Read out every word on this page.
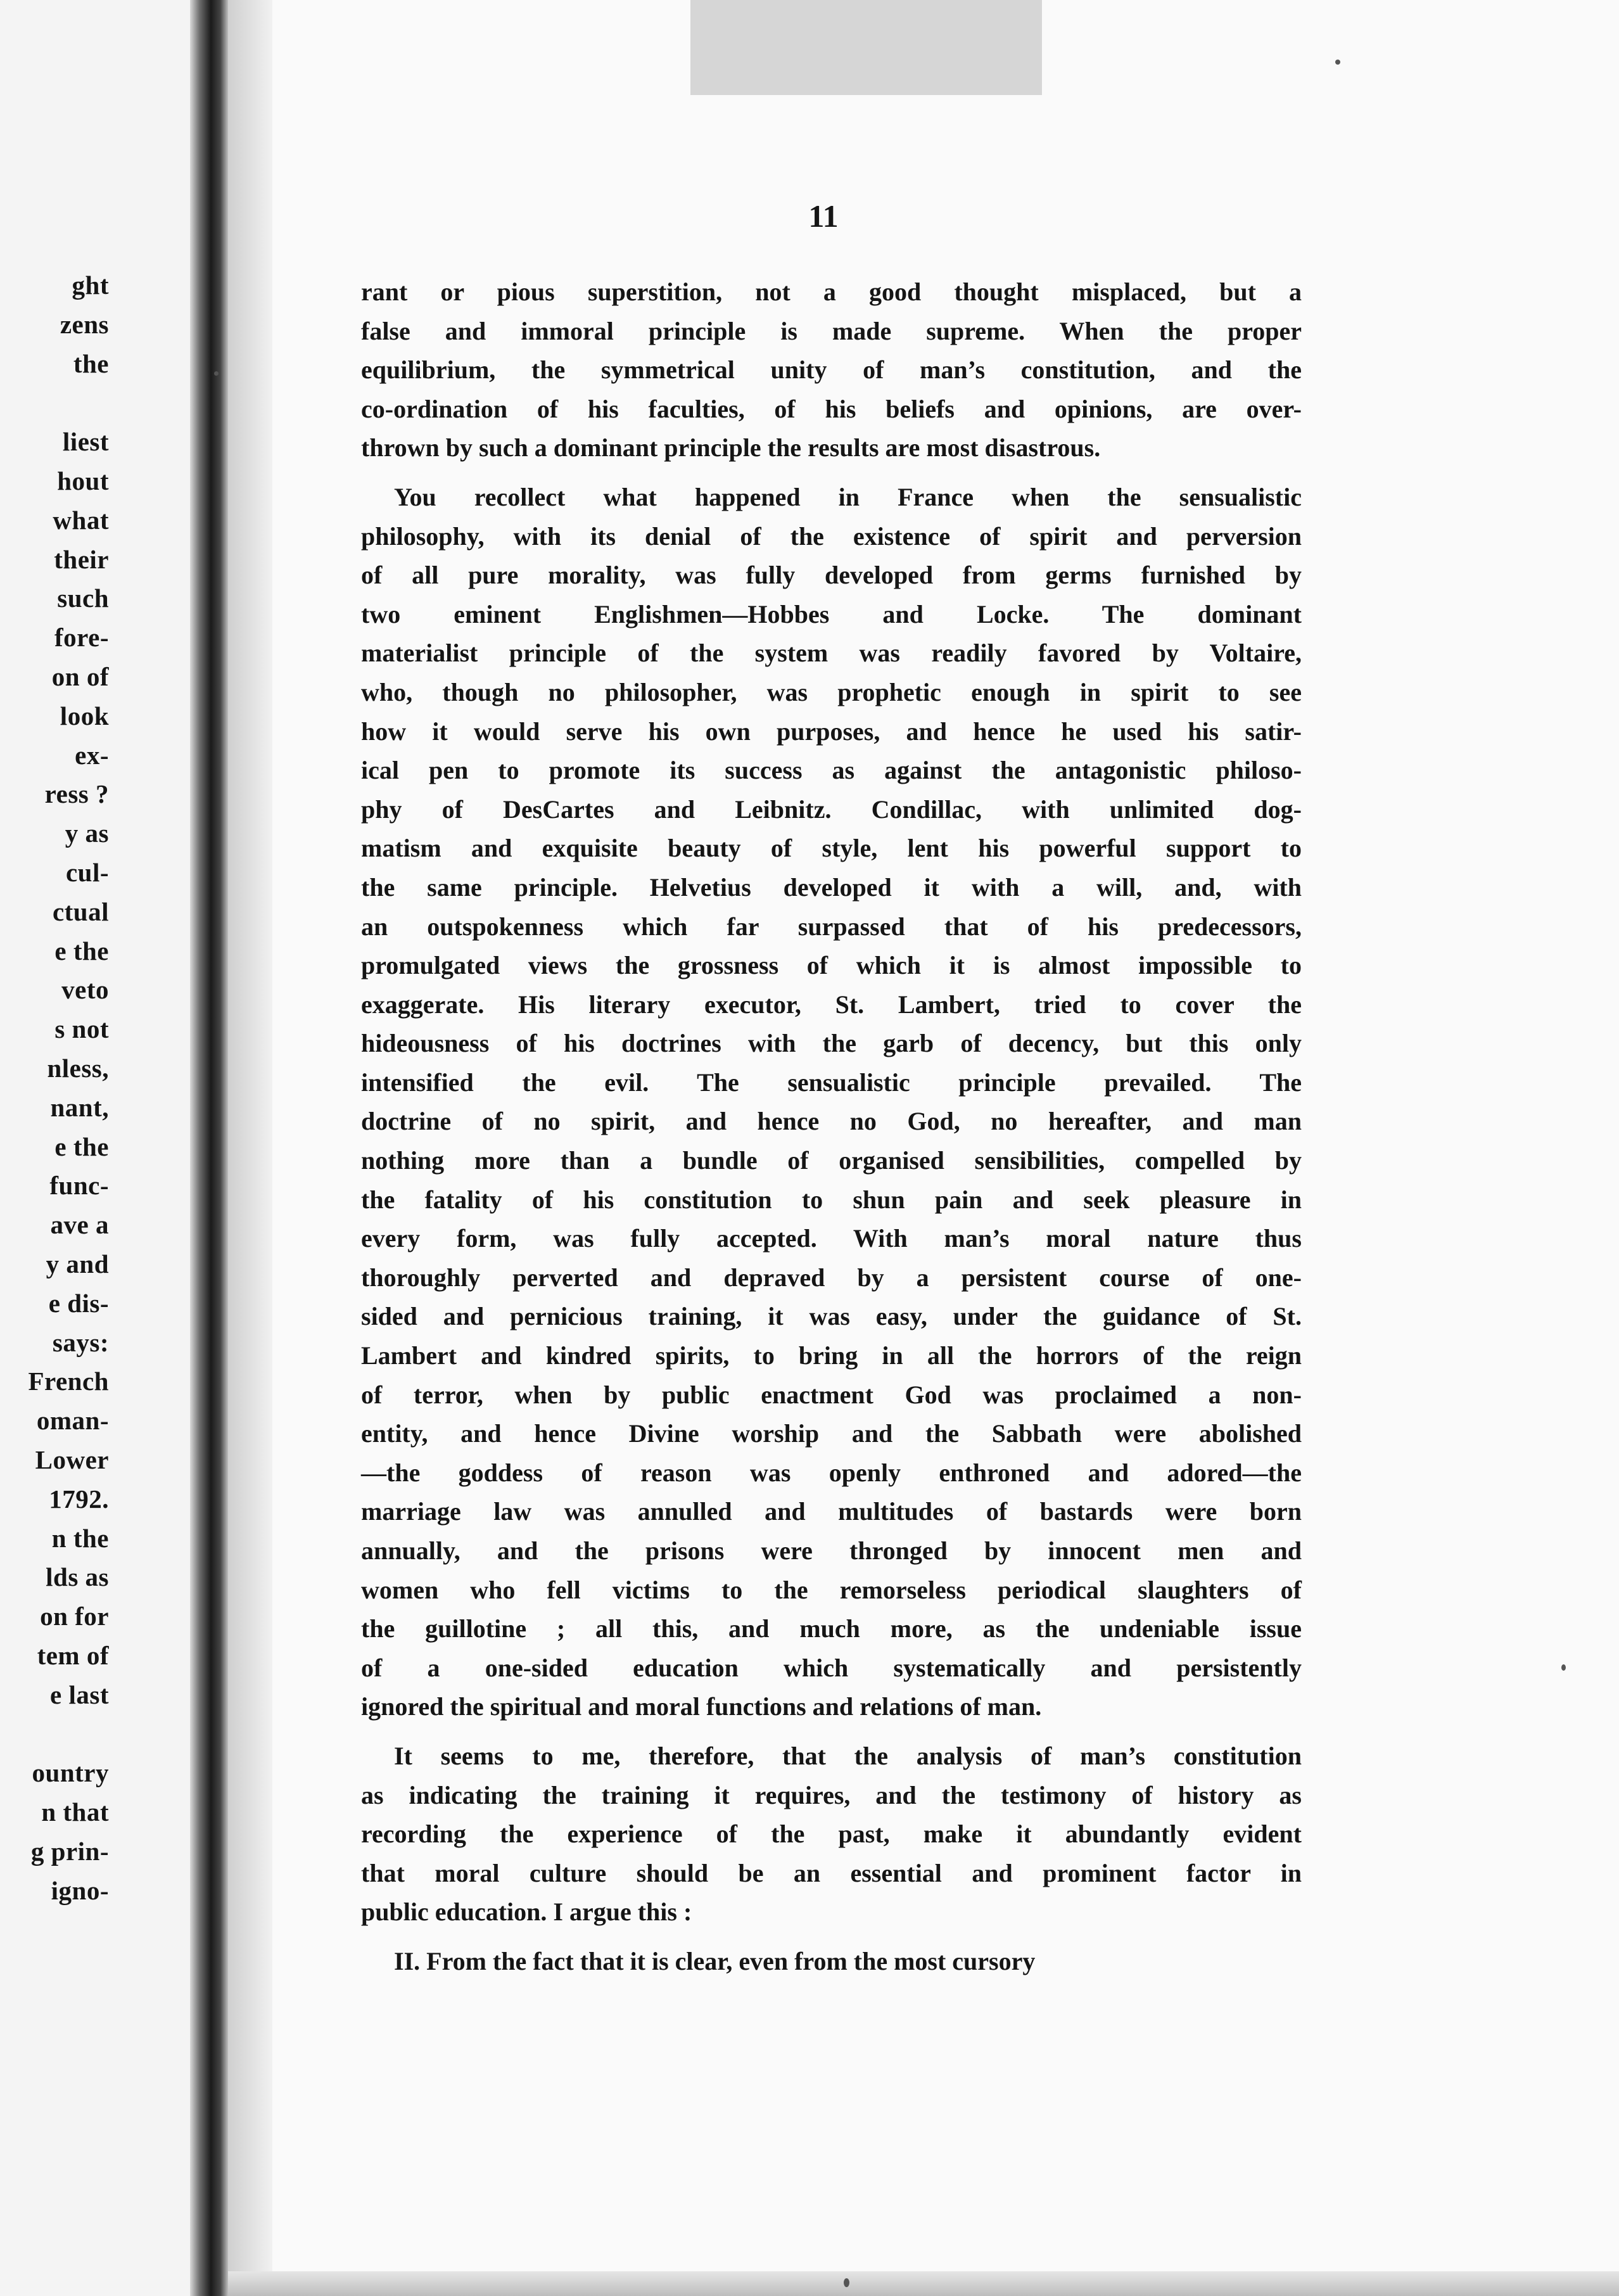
ght
zens
the
liest
hout
what
their
such
fore-
on of
look
ex-
ress ?
y as
cul-
ctual
e the
veto
s not
nless,
nant,
e the
func-
ave a
y and
e dis-
says:
French
oman-
Lower
1792.
n the
lds as
on for
tem of
e last
ountry
n that
g prin-
igno-
11

rant or pious superstition, not a good thought misplaced, but a
false and immoral principle is made supreme. When the proper
equilibrium, the symmetrical unity of man’s constitution, and the
co-ordination of his faculties, of his beliefs and opinions, are over-
thrown by such a dominant principle the results are most disastrous.

You recollect what happened in France when the sensualistic
philosophy, with its denial of the existence of spirit and perversion
of all pure morality, was fully developed from germs furnished by
two eminent Englishmen—Hobbes and Locke. The dominant
materialist principle of the system was readily favored by Voltaire,
who, though no philosopher, was prophetic enough in spirit to see
how it would serve his own purposes, and hence he used his satir-
ical pen to promote its success as against the antagonistic philoso-
phy of DesCartes and Leibnitz. Condillac, with unlimited dog-
matism and exquisite beauty of style, lent his powerful support to
the same principle. Helvetius developed it with a will, and, with
an outspokenness which far surpassed that of his predecessors,
promulgated views the grossness of which it is almost impossible to
exaggerate. His literary executor, St. Lambert, tried to cover the
hideousness of his doctrines with the garb of decency, but this only
intensified the evil. The sensualistic principle prevailed. The
doctrine of no spirit, and hence no God, no hereafter, and man
nothing more than a bundle of organised sensibilities, compelled by
the fatality of his constitution to shun pain and seek pleasure in
every form, was fully accepted. With man’s moral nature thus
thoroughly perverted and depraved by a persistent course of one-
sided and pernicious training, it was easy, under the guidance of St.
Lambert and kindred spirits, to bring in all the horrors of the reign
of terror, when by public enactment God was proclaimed a non-
entity, and hence Divine worship and the Sabbath were abolished
—the goddess of reason was openly enthroned and adored—the
marriage law was annulled and multitudes of bastards were born
annually, and the prisons were thronged by innocent men and
women who fell victims to the remorseless periodical slaughters of
the guillotine ; all this, and much more, as the undeniable issue
of a one-sided education which systematically and persistently
ignored the spiritual and moral functions and relations of man.

It seems to me, therefore, that the analysis of man’s constitution
as indicating the training it requires, and the testimony of history as
recording the experience of the past, make it abundantly evident
that moral culture should be an essential and prominent factor in
public education. I argue this :

II. From the fact that it is clear, even from the most cursory
